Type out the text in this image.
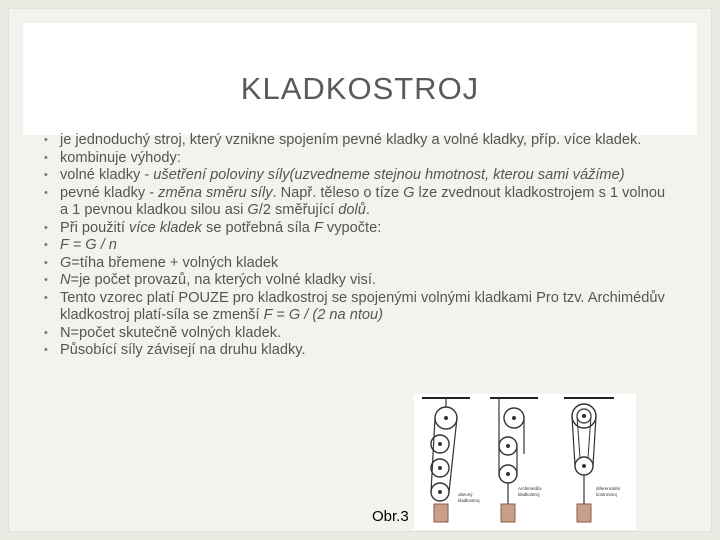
KLADKOSTROJ
• je jednoduchý stroj, který vznikne spojením pevné kladky a volné kladky, příp. více kladek.
• kombinuje výhody:
• volné kladky - ušetření poloviny síly(uzvedneme stejnou hmotnost, kterou sami vážíme)
• pevné kladky - změna směru síly. Např. těleso o tíze G lze zvednout kladkostrojem s 1 volnou a 1 pevnou kladkou silou asi G/2 směřující dolů.
• Při použití více kladek se potřebná síla F vypočte:
• F = G / n
• G=tíha břemene + volných kladek
• N=je počet provazů, na kterých volné kladky visí.
• Tento vzorec platí POUZE pro kladkostroj se spojenými volnými kladkami Pro tzv. Archimédův kladkostroj platí-síla se zmenší F = G / (2 na ntou)
• N=počet skutečně volných kladek.
• Působící síly závisejí na druhu kladky.
obecný
kladkostroj
Archimédův
kladkostroj
diferenciální
kostrostroj
Obr.3
